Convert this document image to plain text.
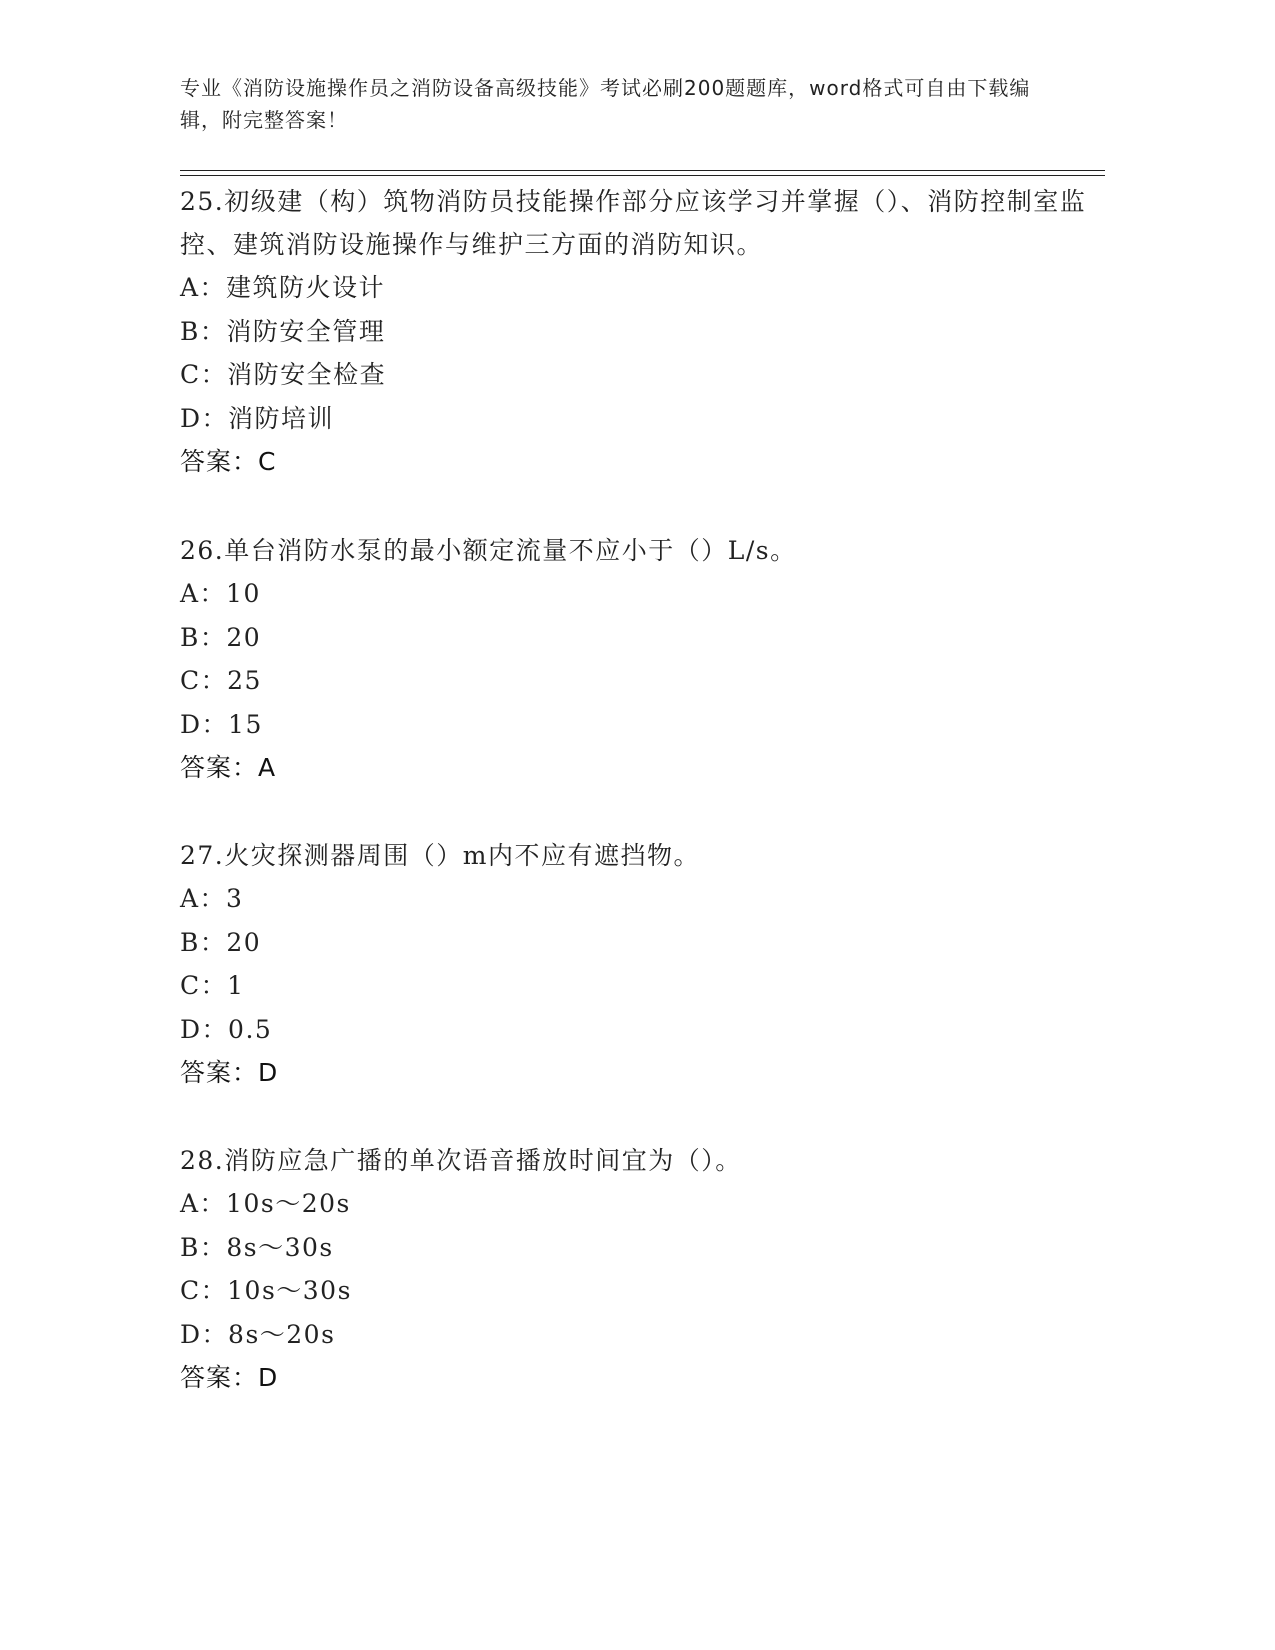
专业《消防设施操作员之消防设备高级技能》考试必刷200题题库，word格式可自由下载编辑，附完整答案！
25.初级建（构）筑物消防员技能操作部分应该学习并掌握（）、消防控制室监控、建筑消防设施操作与维护三方面的消防知识。
A：建筑防火设计
B：消防安全管理
C：消防安全检查
D：消防培训
答案：C
26.单台消防水泵的最小额定流量不应小于（）L/s。
A：10
B：20
C：25
D：15
答案：A
27.火灾探测器周围（）m内不应有遮挡物。
A：3
B：20
C：1
D：0.5
答案：D
28.消防应急广播的单次语音播放时间宜为（）。
A：10s～20s
B：8s～30s
C：10s～30s
D：8s～20s
答案：D
